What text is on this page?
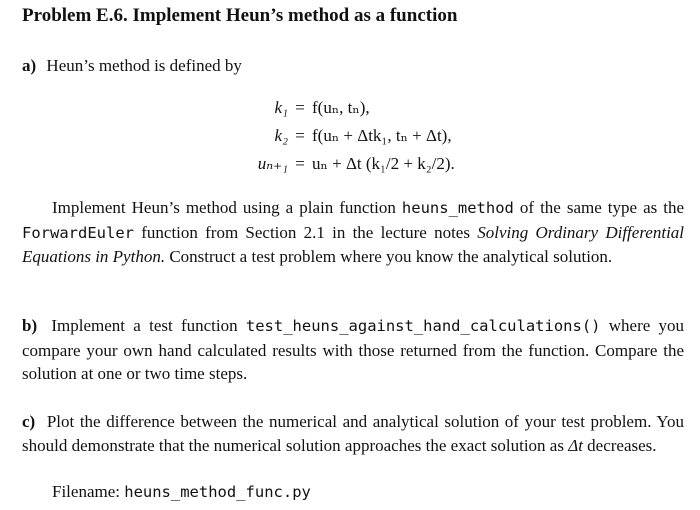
Problem E.6. Implement Heun’s method as a function

a) Heun’s method is defined by

k₁ = f(uₙ, tₙ),
k₂ = f(uₙ + Δtk₁, tₙ + Δt),
uₙ₊₁ = uₙ + Δt (k₁/2 + k₂/2).

Implement Heun’s method using a plain function heuns_method of the same type as the ForwardEuler function from Section 2.1 in the lecture notes Solving Ordinary Differential Equations in Python. Construct a test problem where you know the analytical solution.

b) Implement a test function test_heuns_against_hand_calculations() where you compare your own hand calculated results with those returned from the function. Compare the solution at one or two time steps.

c) Plot the difference between the numerical and analytical solution of your test problem. You should demonstrate that the numerical solution approaches the exact solution as Δt decreases.

Filename: heuns_method_func.py
